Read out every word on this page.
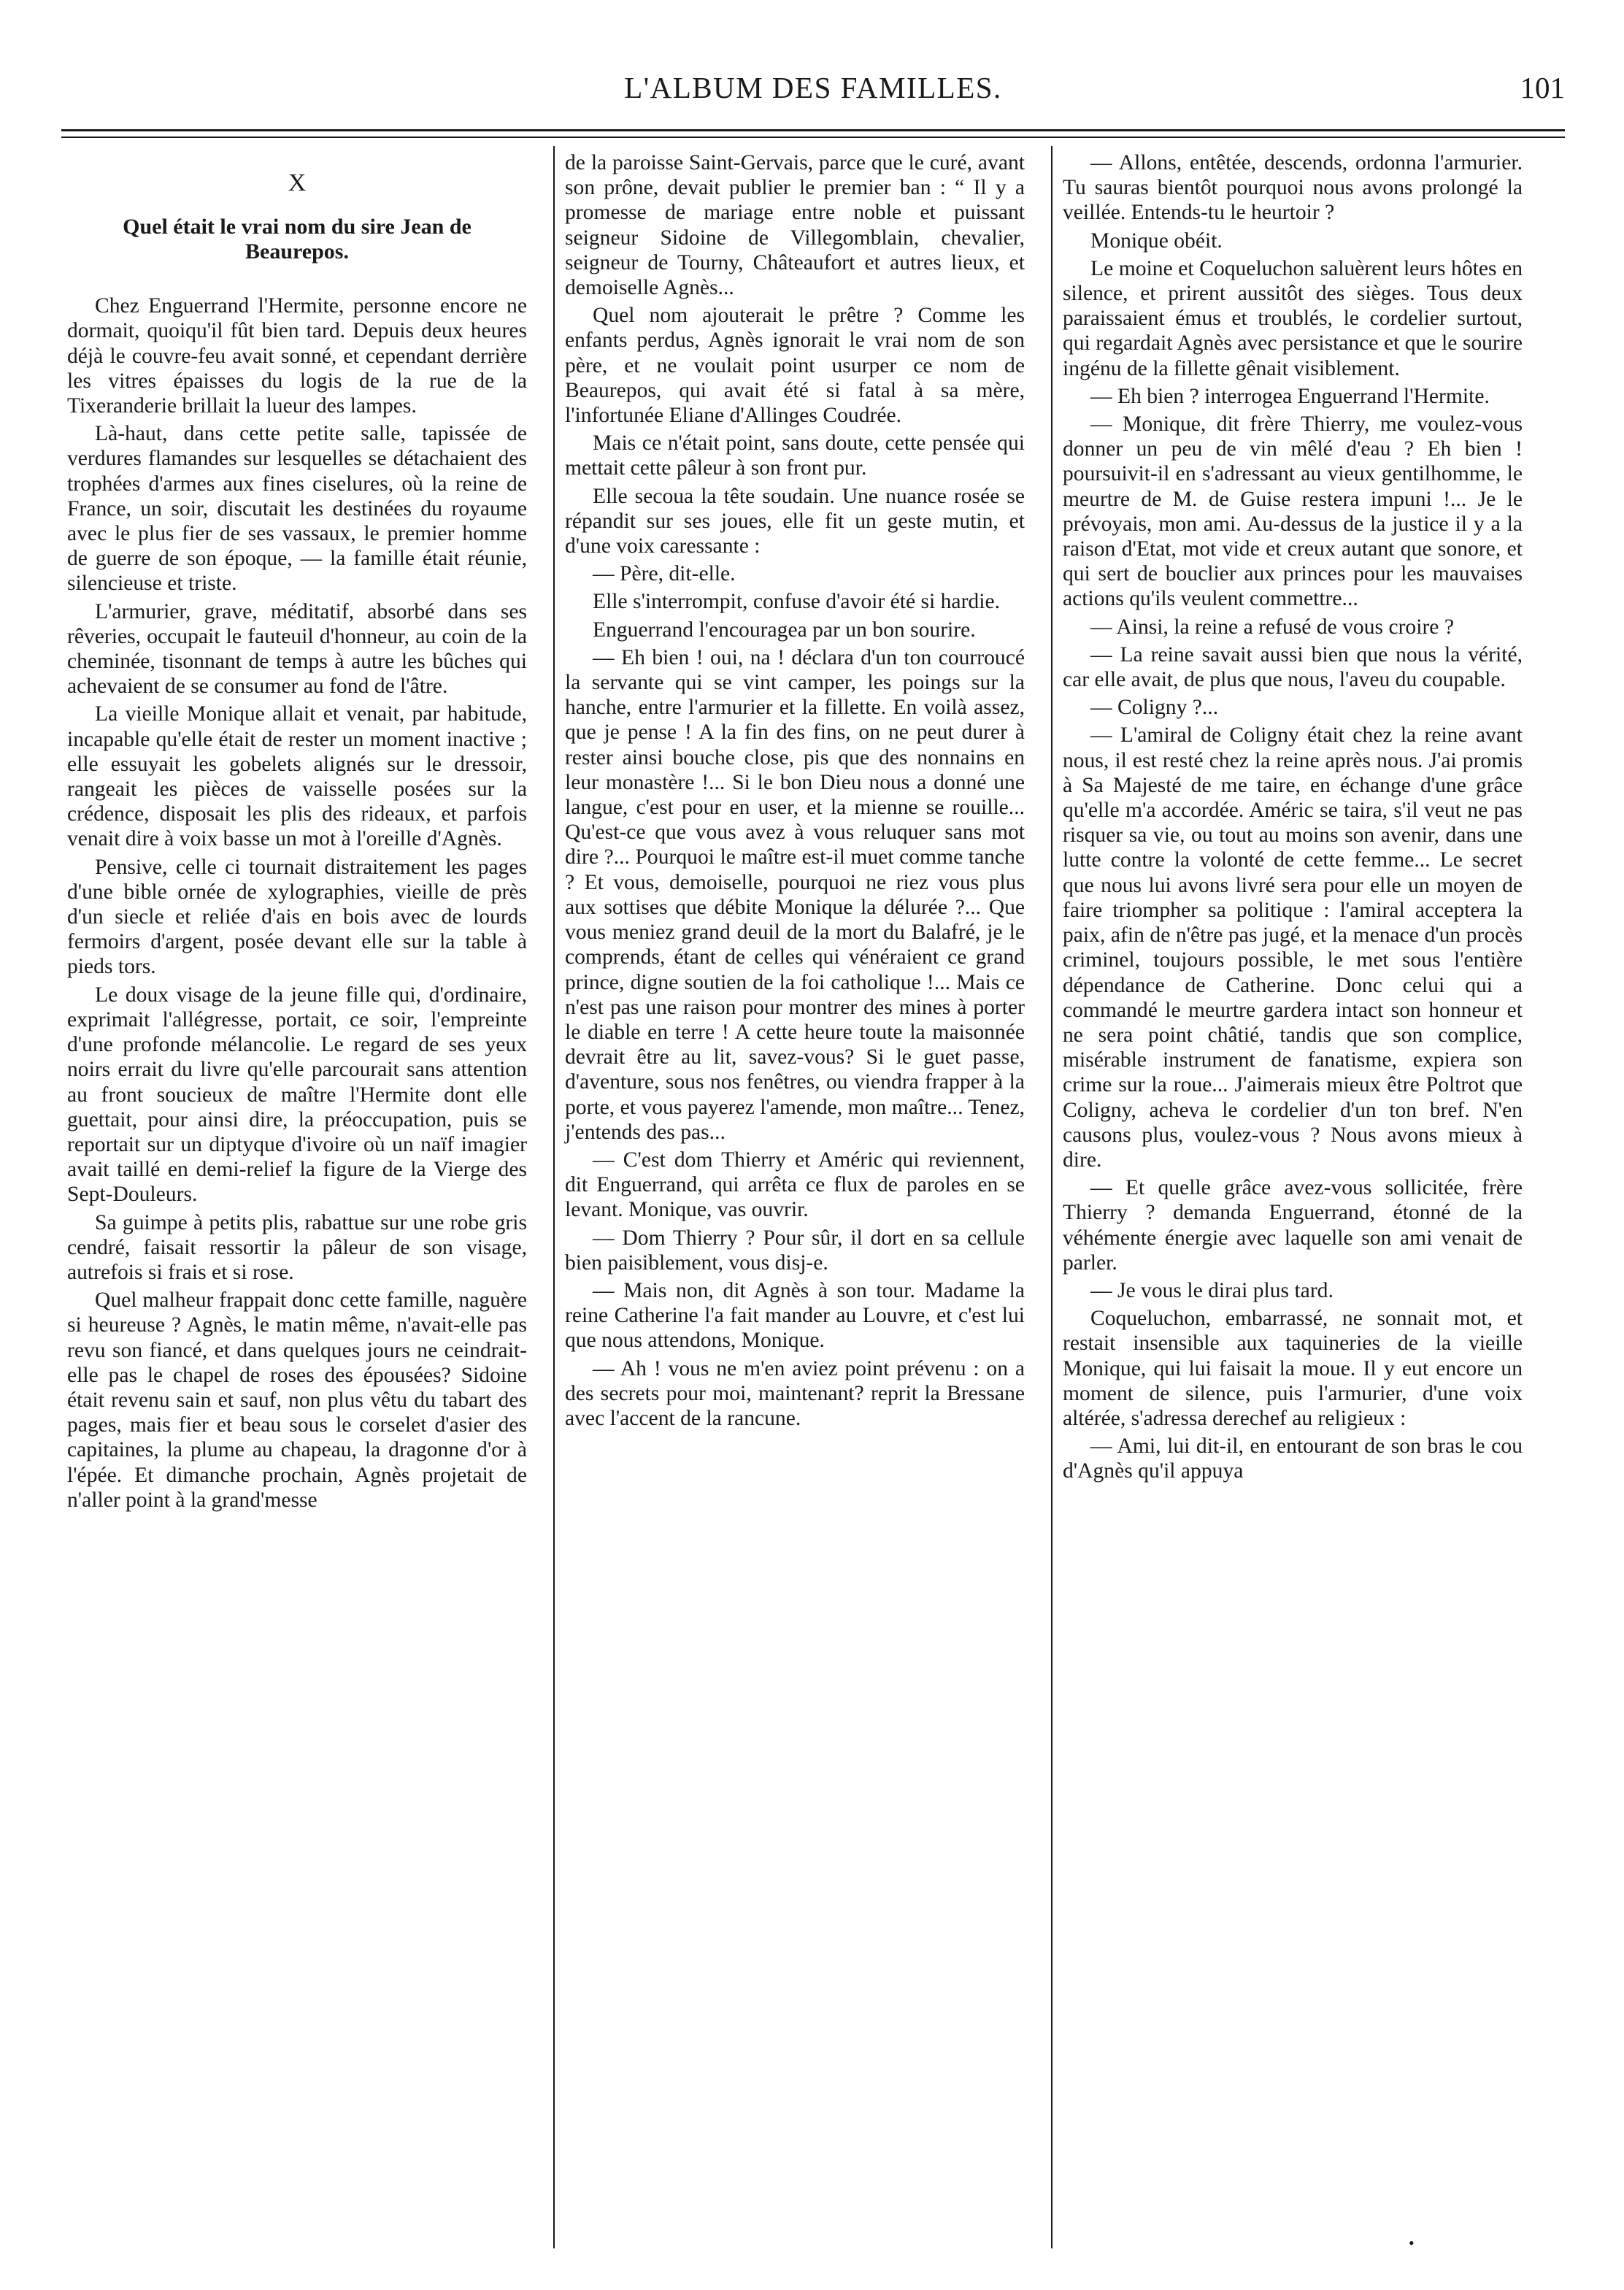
L'ALBUM DES FAMILLES.	101
X
Quel était le vrai nom du sire Jean de Beaurepos.

Chez Enguerrand l'Hermite, personne encore ne dormait, quoiqu'il fût bien tard. Depuis deux heures déjà le couvre-feu avait sonné, et cependant derrière les vitres épaisses du logis de la rue de la Tixeranderie brillait la lueur des lampes.

Là-haut, dans cette petite salle, tapissée de verdures flamandes sur lesquelles se détachaient des trophées d'armes aux fines ciselures, où la reine de France, un soir, discutait les destinées du royaume avec le plus fier de ses vassaux, le premier homme de guerre de son époque, — la famille était réunie, silencieuse et triste.

L'armurier, grave, méditatif, absorbé dans ses rêveries, occupait le fauteuil d'honneur, au coin de la cheminée, tisonnant de temps à autre les bûches qui achevaient de se consumer au fond de l'âtre.

La vieille Monique allait et venait, par habitude, incapable qu'elle était de rester un moment inactive ; elle essuyait les gobelets alignés sur le dressoir, rangeait les pièces de vaisselle posées sur la crédence, disposait les plis des rideaux, et parfois venait dire à voix basse un mot à l'oreille d'Agnès.

Pensive, celle ci tournait distraitement les pages d'une bible ornée de xylographies, vieille de près d'un siecle et reliée d'ais en bois avec de lourds fermoirs d'argent, posée devant elle sur la table à pieds tors.

Le doux visage de la jeune fille qui, d'ordinaire, exprimait l'allégresse, portait, ce soir, l'empreinte d'une profonde mélancolie. Le regard de ses yeux noirs errait du livre qu'elle parcourait sans attention au front soucieux de maître l'Hermite dont elle guettait, pour ainsi dire, la préoccupation, puis se reportait sur un diptyque d'ivoire où un naïf imagier avait taillé en demi-relief la figure de la Vierge des Sept-Douleurs.

Sa guimpe à petits plis, rabattue sur une robe gris cendré, faisait ressortir la pâleur de son visage, autrefois si frais et si rose.

Quel malheur frappait donc cette famille, naguère si heureuse ? Agnès, le matin même, n'avait-elle pas revu son fiancé, et dans quelques jours ne ceindrait-elle pas le chapel de roses des épousées? Sidoine était revenu sain et sauf, non plus vêtu du tabart des pages, mais fier et beau sous le corselet d'asier des capitaines, la plume au chapeau, la dragonne d'or à l'épée. Et dimanche prochain, Agnès projetait de n'aller point à la grand'messe

de la paroisse Saint-Gervais, parce que le curé, avant son prône, devait publier le premier ban : “ Il y a promesse de mariage entre noble et puissant seigneur Sidoine de Villegomblain, chevalier, seigneur de Tourny, Châteaufort et autres lieux, et demoiselle Agnès...

Quel nom ajouterait le prêtre ? Comme les enfants perdus, Agnès ignorait le vrai nom de son père, et ne voulait point usurper ce nom de Beaurepos, qui avait été si fatal à sa mère, l'infortunée Eliane d'Allinges Coudrée.

Mais ce n'était point, sans doute, cette pensée qui mettait cette pâleur à son front pur.

Elle secoua la tête soudain. Une nuance rosée se répandit sur ses joues, elle fit un geste mutin, et d'une voix caressante :

— Père, dit-elle.

Elle s'interrompit, confuse d'avoir été si hardie.

Enguerrand l'encouragea par un bon sourire.

— Eh bien ! oui, na ! déclara d'un ton courroucé la servante qui se vint camper, les poings sur la hanche, entre l'armurier et la fillette. En voilà assez, que je pense ! A la fin des fins, on ne peut durer à rester ainsi bouche close, pis que des nonnains en leur monastère !... Si le bon Dieu nous a donné une langue, c'est pour en user, et la mienne se rouille... Qu'est-ce que vous avez à vous reluquer sans mot dire ?... Pourquoi le maître est-il muet comme tanche ? Et vous, demoiselle, pourquoi ne riez vous plus aux sottises que débite Monique la délurée ?... Que vous meniez grand deuil de la mort du Balafré, je le comprends, étant de celles qui vénéraient ce grand prince, digne soutien de la foi catholique !... Mais ce n'est pas une raison pour montrer des mines à porter le diable en terre ! A cette heure toute la maisonnée devrait être au lit, savez-vous? Si le guet passe, d'aventure, sous nos fenêtres, ou viendra frapper à la porte, et vous payerez l'amende, mon maître... Tenez, j'entends des pas...

— C'est dom Thierry et Améric qui reviennent, dit Enguerrand, qui arrêta ce flux de paroles en se levant. Monique, vas ouvrir.

— Dom Thierry ? Pour sûr, il dort en sa cellule bien paisiblement, vous disj-e.

— Mais non, dit Agnès à son tour. Madame la reine Catherine l'a fait mander au Louvre, et c'est lui que nous attendons, Monique.

— Ah ! vous ne m'en aviez point prévenu : on a des secrets pour moi, maintenant? reprit la Bressane avec l'accent de la rancune.

— Allons, entêtée, descends, ordonna l'armurier. Tu sauras bientôt pourquoi nous avons prolongé la veillée. Entends-tu le heurtoir ?

Monique obéit.

Le moine et Coqueluchon saluèrent leurs hôtes en silence, et prirent aussitôt des sièges. Tous deux paraissaient émus et troublés, le cordelier surtout, qui regardait Agnès avec persistance et que le sourire ingénu de la fillette gênait visiblement.

— Eh bien ? interrogea Enguerrand l'Hermite.

— Monique, dit frère Thierry, me voulez-vous donner un peu de vin mêlé d'eau ? Eh bien ! poursuivit-il en s'adressant au vieux gentilhomme, le meurtre de M. de Guise restera impuni !... Je le prévoyais, mon ami. Au-dessus de la justice il y a la raison d'Etat, mot vide et creux autant que sonore, et qui sert de bouclier aux princes pour les mauvaises actions qu'ils veulent commettre...

— Ainsi, la reine a refusé de vous croire ?

— La reine savait aussi bien que nous la vérité, car elle avait, de plus que nous, l'aveu du coupable.

— Coligny ?...

— L'amiral de Coligny était chez la reine avant nous, il est resté chez la reine après nous. J'ai promis à Sa Majesté de me taire, en échange d'une grâce qu'elle m'a accordée. Améric se taira, s'il veut ne pas risquer sa vie, ou tout au moins son avenir, dans une lutte contre la volonté de cette femme... Le secret que nous lui avons livré sera pour elle un moyen de faire triompher sa politique : l'amiral acceptera la paix, afin de n'être pas jugé, et la menace d'un procès criminel, toujours possible, le met sous l'entière dépendance de Catherine. Donc celui qui a commandé le meurtre gardera intact son honneur et ne sera point châtié, tandis que son complice, misérable instrument de fanatisme, expiera son crime sur la roue... J'aimerais mieux être Poltrot que Coligny, acheva le cordelier d'un ton bref. N'en causons plus, voulez-vous ? Nous avons mieux à dire.

— Et quelle grâce avez-vous sollicitée, frère Thierry ? demanda Enguerrand, étonné de la véhémente énergie avec laquelle son ami venait de parler.

— Je vous le dirai plus tard.

Coqueluchon, embarrassé, ne sonnait mot, et restait insensible aux taquineries de la vieille Monique, qui lui faisait la moue. Il y eut encore un moment de silence, puis l'armurier, d'une voix altérée, s'adressa derechef au religieux :

— Ami, lui dit-il, en entourant de son bras le cou d'Agnès qu'il appuya

•
